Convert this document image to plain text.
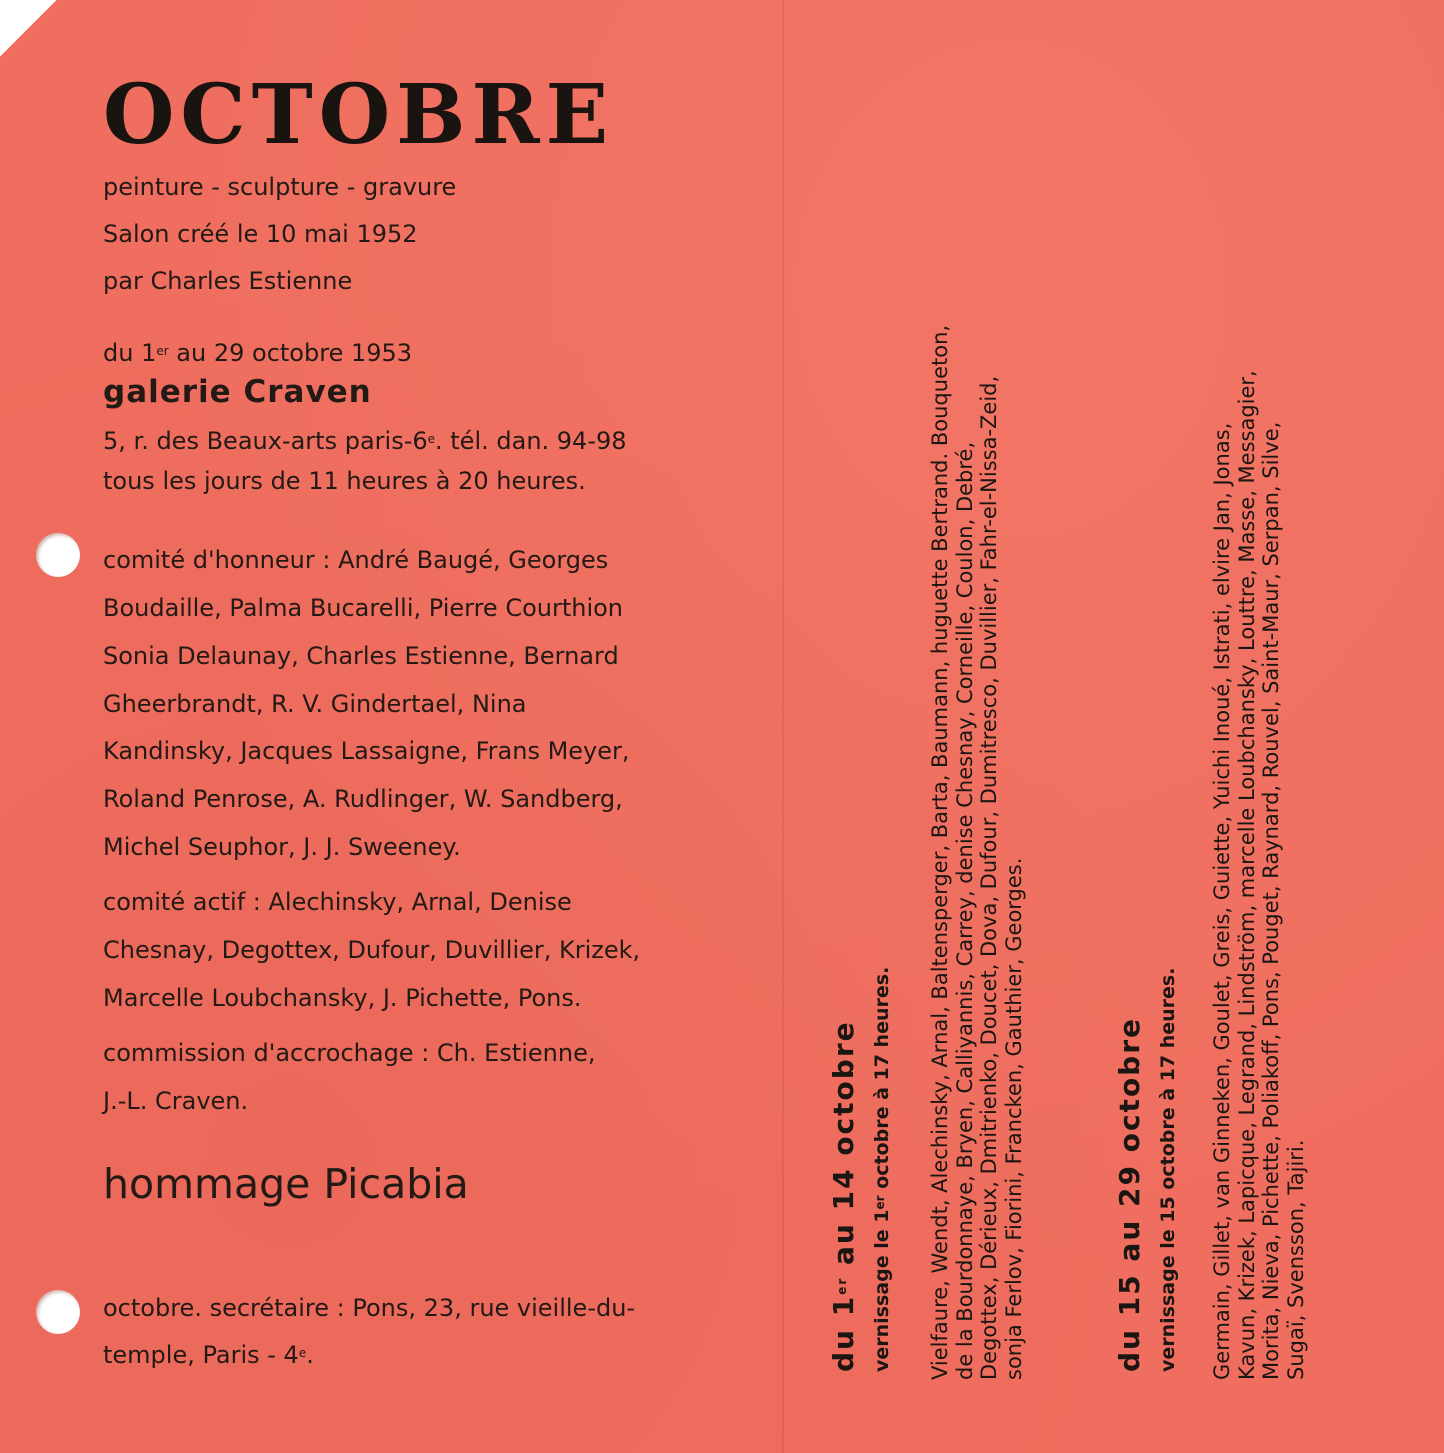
OCTOBRE

peinture - sculpture - gravure

Salon créé le 10 mai 1952

par Charles Estienne

du 1er au 29 octobre 1953

galerie Craven

5, r. des Beaux-arts paris-6e. tél. dan. 94-98

tous les jours de 11 heures à 20 heures.

comité d'honneur : André Baugé, Georges

Boudaille, Palma Bucarelli, Pierre Courthion

Sonia Delaunay, Charles Estienne, Bernard

Gheerbrandt, R. V. Gindertael, Nina

Kandinsky, Jacques Lassaigne, Frans Meyer,

Roland Penrose, A. Rudlinger, W. Sandberg,

Michel Seuphor, J. J. Sweeney.

comité actif : Alechinsky, Arnal, Denise

Chesnay, Degottex, Dufour, Duvillier, Krizek,

Marcelle Loubchansky, J. Pichette, Pons.

commission d'accrochage : Ch. Estienne,

J.-L. Craven.

hommage Picabia

octobre. secrétaire : Pons, 23, rue vieille-du-

temple, Paris - 4e.	du 1er au 14 octobre
vernissage le 1er octobre à 17 heures. Vielfaure, Wendt, Alechinsky, Arnal, Baltensperger, Barta, Baumann, huguette Bertrand. Bouqueton, de la Bourdonnaye, Bryen, Calliyannis, Carrey, denise Chesnay, Corneille, Coulon, Debré, Degottex, Dérieux, Dmitrienko, Doucet, Dova, Dufour, Dumitresco, Duvillier, Fahr-el-Nissa-Zeid, sonja Ferlov, Fiorini, Francken, Gauthier, Georges.	du 15 au 29 octobre vernissage le 15 octobre à 17 heures. Germain, Gillet, van Ginneken, Goulet, Greis, Guiette, Yuichi Inoué, Istrati, elvire Jan, Jonas, Kavun, Krizek, Lapicque, Legrand, Lindström, marcelle Loubchansky, Louttre, Masse, Messagier, Morita, Nieva, Pichette, Poliakoff, Pons, Pouget, Raynard, Rouvel, Saint-Maur, Serpan, Silve, Sugaï, Svensson, Tajiri.
